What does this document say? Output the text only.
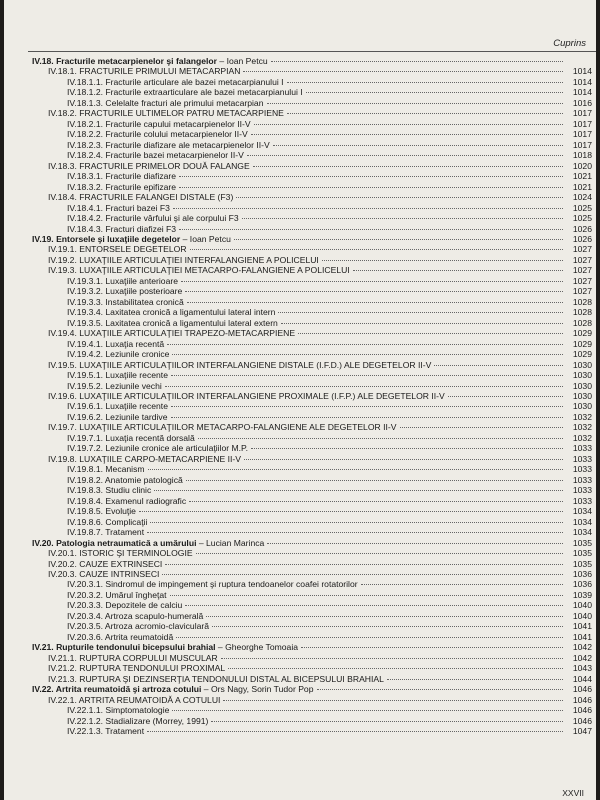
Cuprins
IV.18. Fracturile metacarpienelor şi falangelor – Ioan Petcu
IV.18.1. FRACTURILE PRIMULUI METACARPIAN	1014
IV.18.1.1. Fracturile articulare ale bazei metacarpianului I	1014
IV.18.1.2. Fracturile extraarticulare ale bazei metacarpianului I	1014
IV.18.1.3. Celelalte fracturi ale primului metacarpian	1016
IV.18.2. FRACTURILE ULTIMELOR PATRU METACARPIENE	1017
IV.18.2.1. Fracturile capului metacarpienelor II-V	1017
IV.18.2.2. Fracturile colului metacarpienelor II-V	1017
IV.18.2.3. Fracturile diafizare ale metacarpienelor II-V	1017
IV.18.2.4. Fracturile bazei metacarpienelor II-V	1018
IV.18.3. FRACTURILE PRIMELOR DOUĂ FALANGE	1020
IV.18.3.1. Fracturile diafizare	1021
IV.18.3.2. Fracturile epifizare	1021
IV.18.4. FRACTURILE FALANGEI DISTALE (F3)	1024
IV.18.4.1. Fracturi bazei F3	1025
IV.18.4.2. Fracturile vârfului şi ale corpului F3	1025
IV.18.4.3. Fracturi diafizei F3	1026
IV.19. Entorsele şi luxaţiile degetelor – Ioan Petcu	1026
IV.19.1. ENTORSELE DEGETELOR	1027
IV.19.2. LUXAŢIILE ARTICULAŢIEI INTERFALANGIENE A POLICELUI	1027
IV.19.3. LUXAŢIILE ARTICULAŢIEI METACARPO-FALANGIENE A POLICELUI	1027
IV.19.3.1. Luxaţiile anterioare	1027
IV.19.3.2. Luxaţiile posterioare	1027
IV.19.3.3. Instabilitatea cronică	1028
IV.19.3.4. Laxitatea cronică a ligamentului lateral intern	1028
IV.19.3.5. Laxitatea cronică a ligamentului lateral extern	1028
IV.19.4. LUXAŢIILE ARTICULAŢIEI TRAPEZO-METACARPIENE	1029
IV.19.4.1. Luxaţia recentă	1029
IV.19.4.2. Leziunile cronice	1029
IV.19.5. LUXAŢIILE ARTICULAŢIILOR INTERFALANGIENE DISTALE (I.F.D.) ALE DEGETELOR II-V	1030
IV.19.5.1. Luxaţiile recente	1030
IV.19.5.2. Leziunile vechi	1030
IV.19.6. LUXAŢIILE ARTICULAŢIILOR INTERFALANGIENE PROXIMALE (I.F.P.) ALE DEGETELOR II-V	1030
IV.19.6.1. Luxaţiile recente	1030
IV.19.6.2. Leziunile tardive	1032
IV.19.7. LUXAŢIILE ARTICULAŢIILOR METACARPO-FALANGIENE ALE DEGETELOR II-V	1032
IV.19.7.1. Luxaţia recentă dorsală	1032
IV.19.7.2. Leziunile cronice ale articulaţiilor M.P.	1033
IV.19.8. LUXAŢIILE CARPO-METACARPIENE II-V	1033
IV.19.8.1. Mecanism	1033
IV.19.8.2. Anatomie patologică	1033
IV.19.8.3. Studiu clinic	1033
IV.19.8.4. Examenul radiografic	1033
IV.19.8.5. Evoluţie	1034
IV.19.8.6. Complicaţii	1034
IV.19.8.7. Tratament	1034
IV.20. Patologia netraumatică a umărului – Lucian Marinca	1035
IV.20.1. ISTORIC ŞI TERMINOLOGIE	1035
IV.20.2. CAUZE EXTRINSECI	1035
IV.20.3. CAUZE INTRINSECI	1036
IV.20.3.1. Sindromul de impingement şi ruptura tendoanelor coafei rotatorilor	1036
IV.20.3.2. Umărul îngheţat	1039
IV.20.3.3. Depozitele de calciu	1040
IV.20.3.4. Artroza scapulo-humerală	1040
IV.20.3.5. Artroza acromio-claviculară	1041
IV.20.3.6. Artrita reumatoidă	1041
IV.21. Rupturile tendonului bicepsului brahial – Gheorghe Tomoaia	1042
IV.21.1. RUPTURA CORPULUI MUSCULAR	1042
IV.21.2. RUPTURA TENDONULUI PROXIMAL	1043
IV.21.3. RUPTURA ŞI DEZINSERŢIA TENDONULUI DISTAL AL BICEPSULUI BRAHIAL	1044
IV.22. Artrita reumatoidă şi artroza cotului – Ors Nagy, Sorin Tudor Pop	1046
IV.22.1. ARTRITA REUMATOIDĂ A COTULUI	1046
IV.22.1.1. Simptomatologie	1046
IV.22.1.2. Stadializare (Morrey, 1991)	1046
IV.22.1.3. Tratament	1047
XXVII
